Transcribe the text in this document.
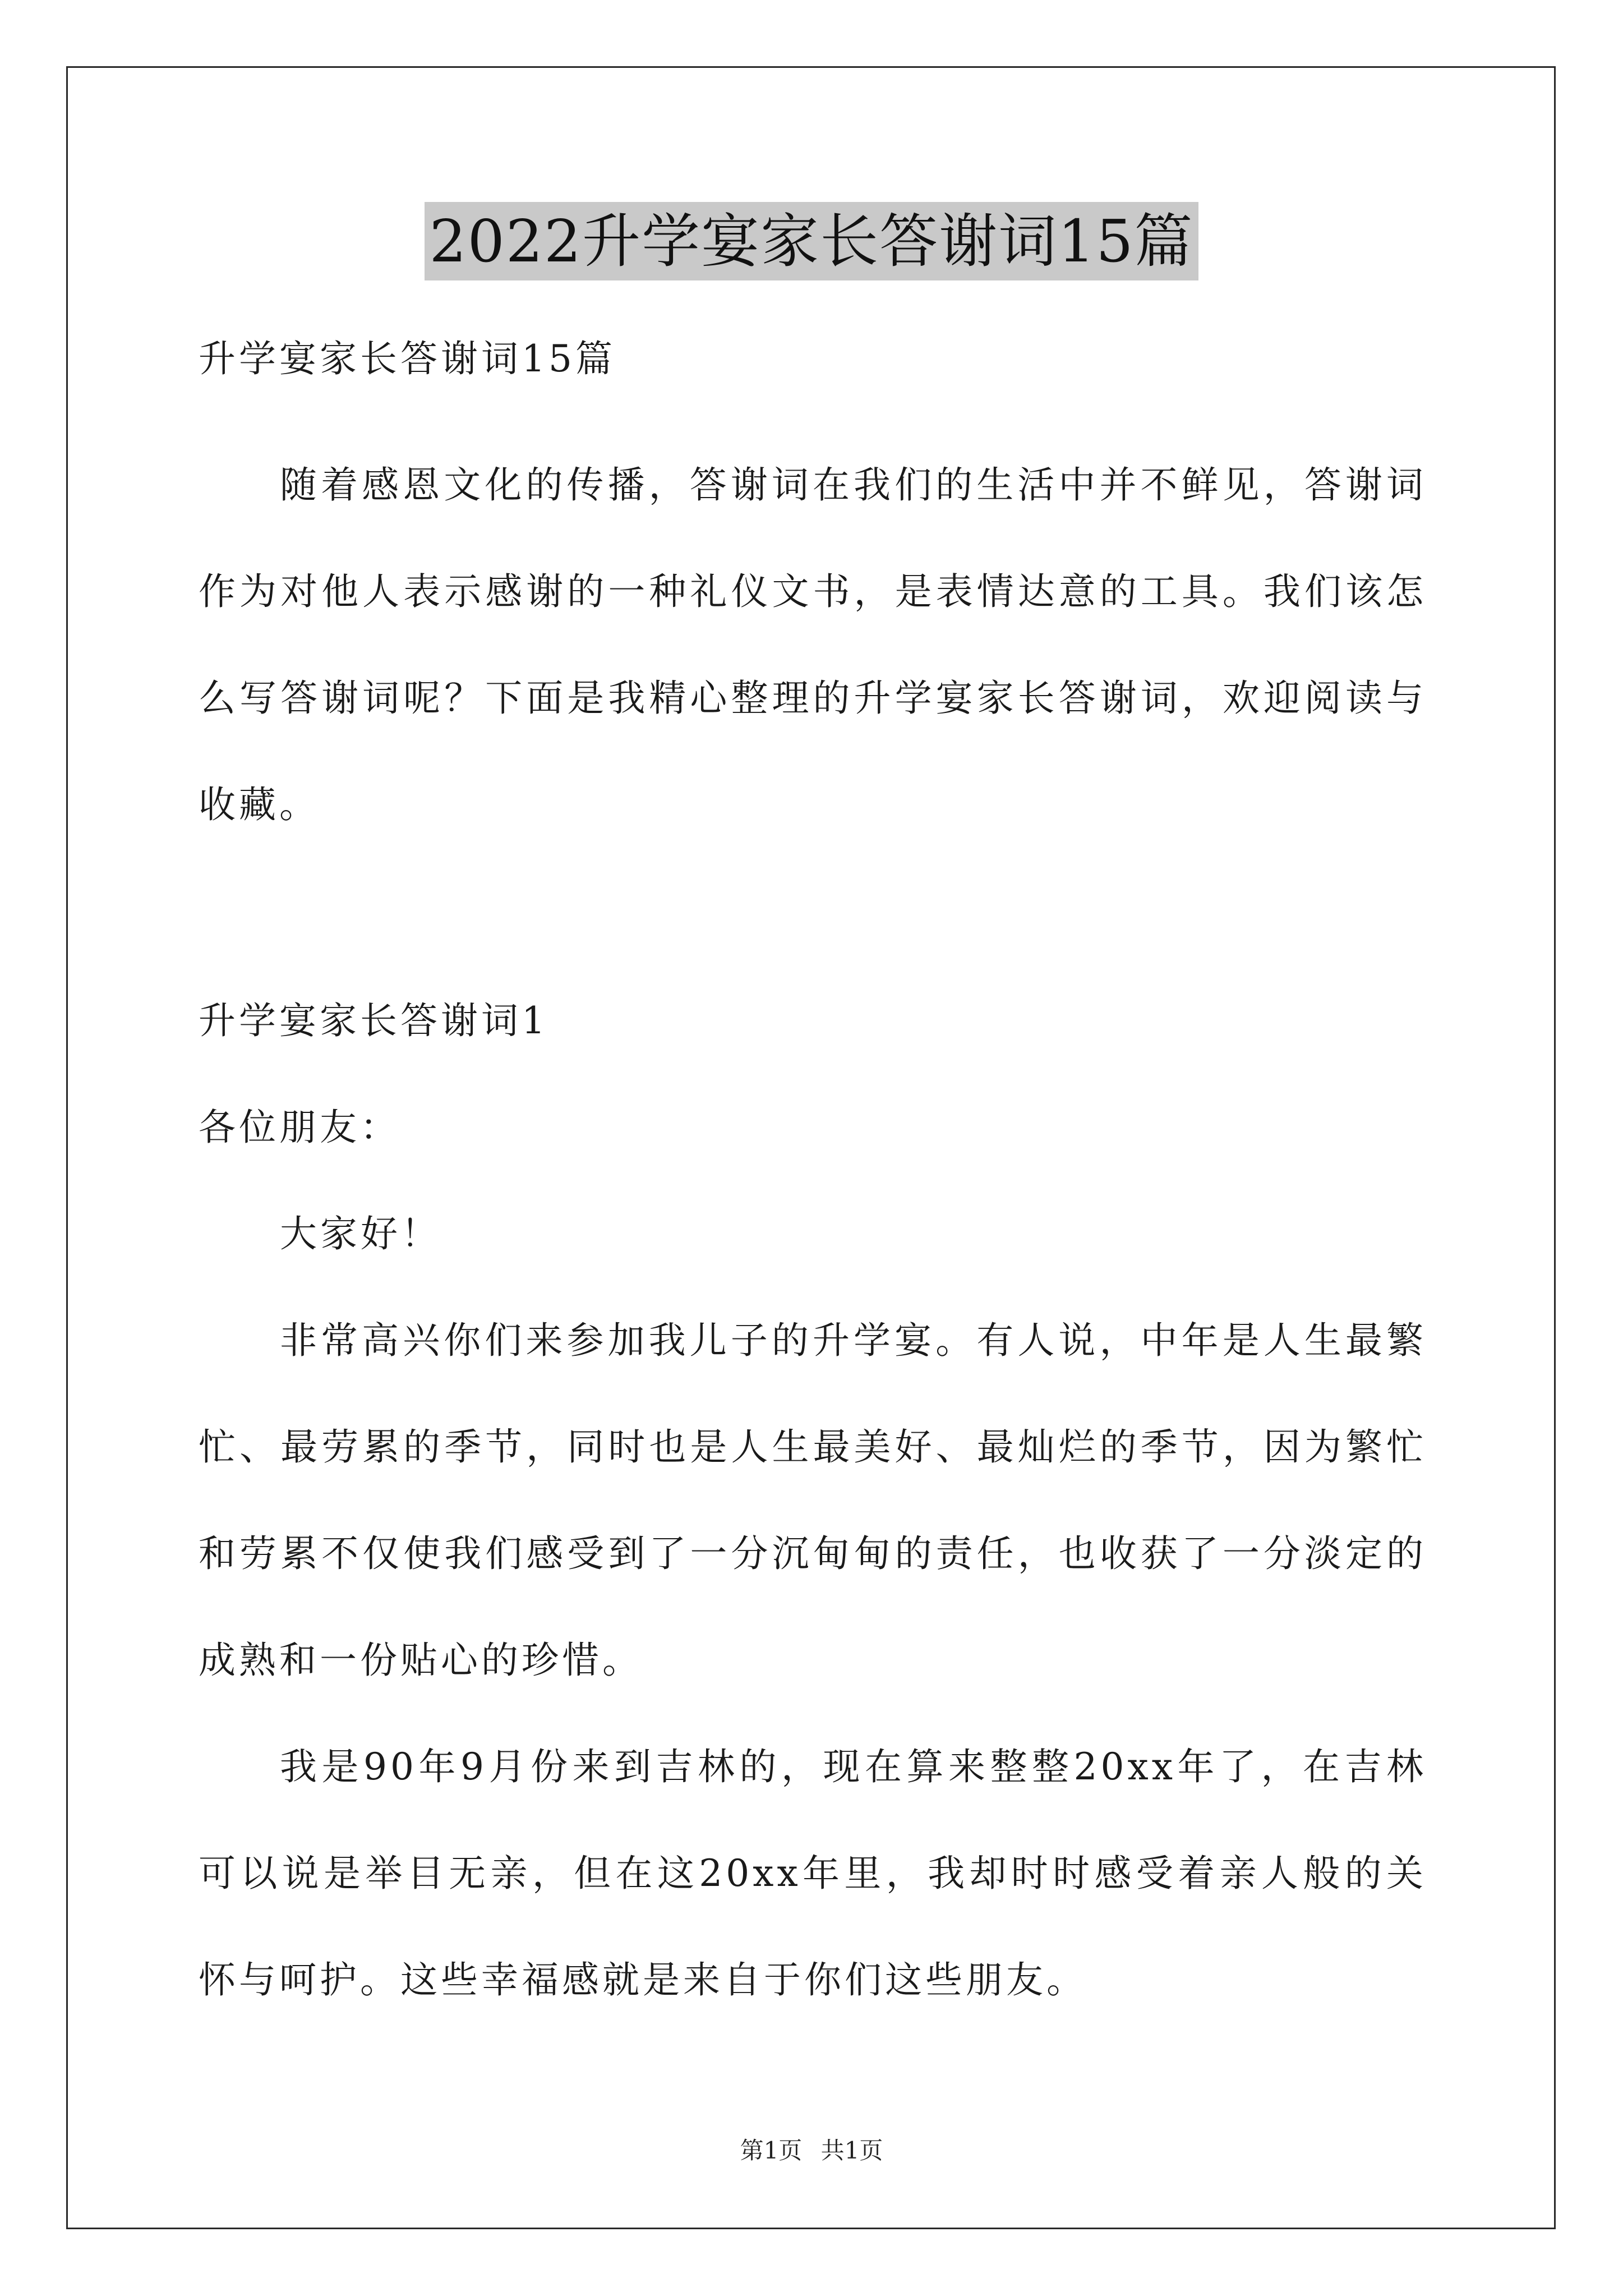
2022升学宴家长答谢词15篇

升学宴家长答谢词15篇

随着感恩文化的传播，答谢词在我们的生活中并不鲜见，答谢词作为对他人表示感谢的一种礼仪文书，是表情达意的工具。我们该怎么写答谢词呢？下面是我精心整理的升学宴家长答谢词，欢迎阅读与收藏。

升学宴家长答谢词1

各位朋友：

大家好！

非常高兴你们来参加我儿子的升学宴。有人说，中年是人生最繁忙、最劳累的季节，同时也是人生最美好、最灿烂的季节，因为繁忙和劳累不仅使我们感受到了一分沉甸甸的责任，也收获了一分淡定的成熟和一份贴心的珍惜。

我是90年9月份来到吉林的，现在算来整整20xx年了，在吉林可以说是举目无亲，但在这20xx年里，我却时时感受着亲人般的关怀与呵护。这些幸福感就是来自于你们这些朋友。

第1页 共1页
